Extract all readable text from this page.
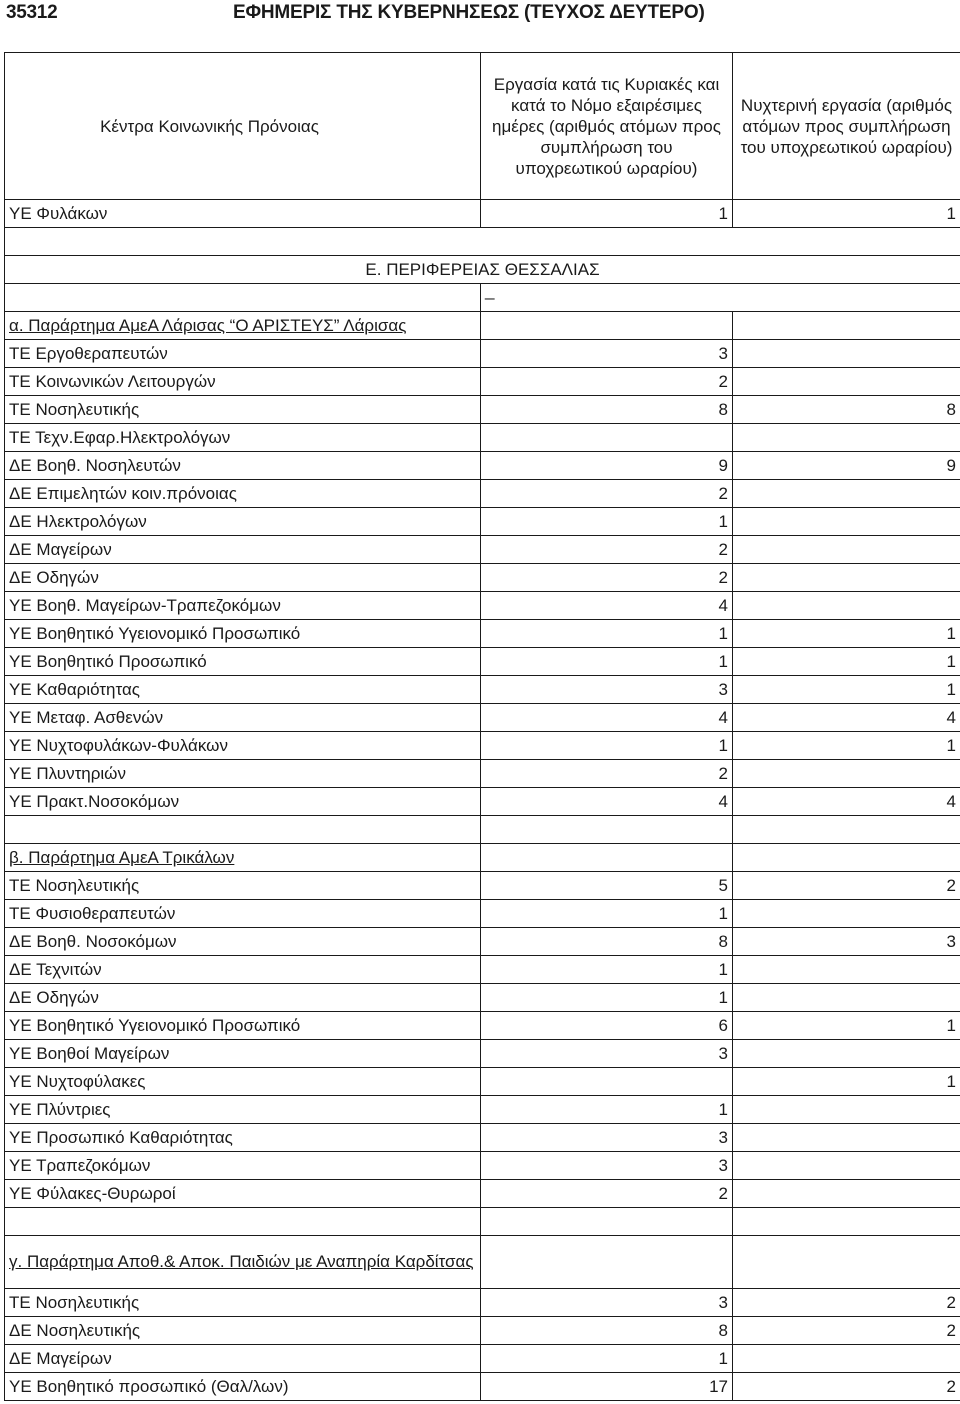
35312	ΕΦΗΜΕΡΙΣ ΤΗΣ ΚΥΒΕΡΝΗΣΕΩΣ (ΤΕΥΧΟΣ ΔΕΥΤΕΡΟ)
Κέντρα Κοινωνικής Πρόνοιας	Εργασία κατά τις Κυριακές και κατά το Νόμο εξαιρέσιμες ημέρες (αριθμός ατόμων προς συμπλήρωση του υποχρεωτικού ωραρίου)	Νυχτερινή εργασία (αριθμός ατόμων προς συμπλήρωση του υποχρεωτικού ωραρίου)
ΥΕ Φυλάκων	1	1

Ε. ΠΕΡΙΦΕΡΕΙΑΣ ΘΕΣΣΑΛΙΑΣ		
	_	
α. Παράρτημα ΑμεΑ Λάρισας “Ο ΑΡΙΣΤΕΥΣ” Λάρισας		
ΤΕ Εργοθεραπευτών	3	
ΤΕ Κοινωνικών Λειτουργών	2	
ΤΕ Νοσηλευτικής	8	8
ΤΕ Τεχν.Εφαρ.Ηλεκτρολόγων		
ΔΕ Βοηθ. Νοσηλευτών	9	9
ΔΕ Επιμελητών κοιν.πρόνοιας	2	
ΔΕ Ηλεκτρολόγων	1	
ΔΕ Μαγείρων	2	
ΔΕ Οδηγών	2	
ΥΕ Βοηθ. Μαγείρων-Τραπεζοκόμων	4	
ΥΕ Βοηθητικό Υγειονομικό Προσωπικό	1	1
ΥΕ Βοηθητικό Προσωπικό	1	1
ΥΕ Καθαριότητας	3	1
ΥΕ Μεταφ. Ασθενών	4	4
ΥΕ Νυχτοφυλάκων-Φυλάκων	1	1
ΥΕ Πλυντηριών	2	
ΥΕ Πρακτ.Νοσοκόμων	4	4

β. Παράρτημα ΑμεΑ Τρικάλων		
ΤΕ Νοσηλευτικής	5	2
ΤΕ Φυσιοθεραπευτών	1	
ΔΕ Βοηθ. Νοσοκόμων	8	3
ΔΕ Τεχνιτών	1	
ΔΕ Οδηγών	1	
ΥΕ Βοηθητικό Υγειονομικό Προσωπικό	6	1
ΥΕ Βοηθοί Μαγείρων	3	
ΥΕ Νυχτοφύλακες		1
ΥΕ Πλύντριες	1	
ΥΕ Προσωπικό Καθαριότητας	3	
ΥΕ Τραπεζοκόμων	3	
ΥΕ Φύλακες-Θυρωροί	2	

γ. Παράρτημα Αποθ.& Αποκ. Παιδιών με Αναπηρία Καρδίτσας		
ΤΕ Νοσηλευτικής	3	2
ΔΕ Νοσηλευτικής	8	2
ΔΕ Μαγείρων	1	
ΥΕ Βοηθητικό προσωπικό (Θαλ/λων)	17	2
